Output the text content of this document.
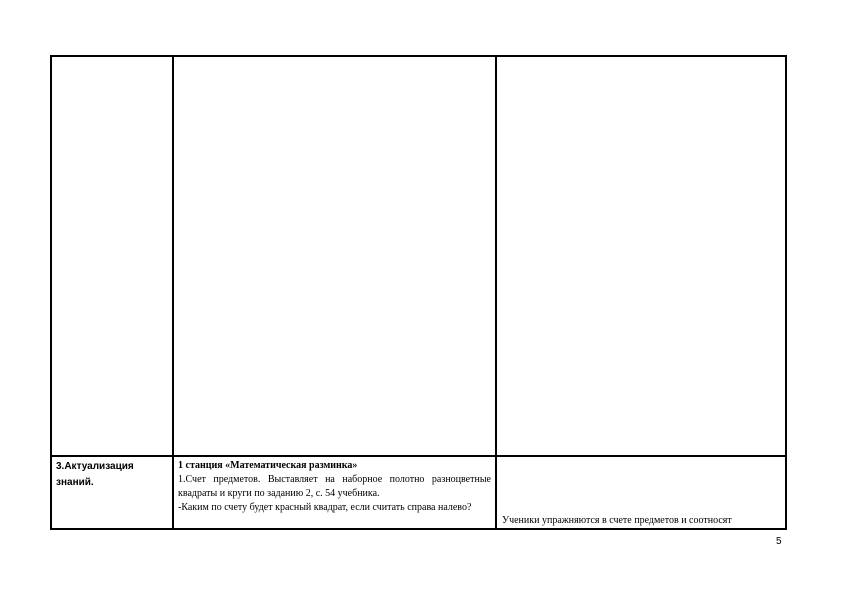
3.Актуализация знаний.
1 станция «Математическая разминка»

1.Счет предметов. Выставляет на наборное полотно разноцветные квадраты и круги по заданию 2, с. 54 учебника.

-Каким по счету будет красный квадрат, если считать справа налево?

Ученики упражняются в счете предметов и соотносят
5
